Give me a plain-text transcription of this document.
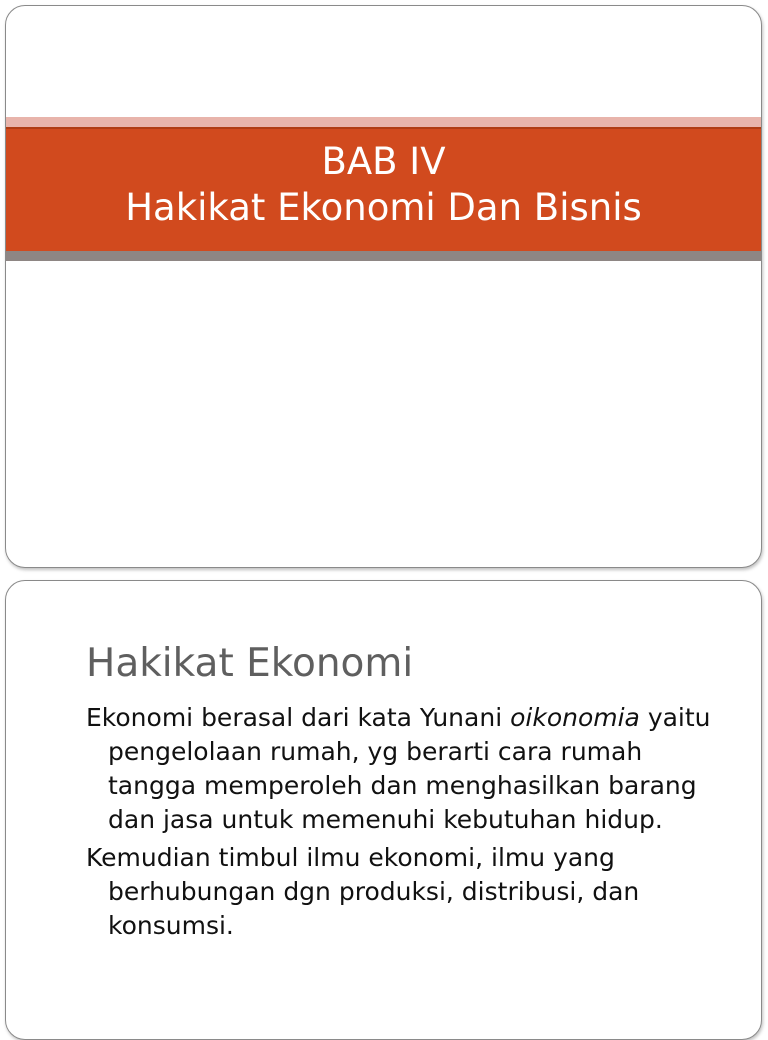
BAB IV
Hakikat Ekonomi Dan Bisnis
Hakikat Ekonomi

Ekonomi berasal dari kata Yunani oikonomia yaitu pengelolaan rumah, yg berarti cara rumah tangga memperoleh dan menghasilkan barang dan jasa untuk memenuhi kebutuhan hidup.

Kemudian timbul ilmu ekonomi, ilmu yang berhubungan dgn produksi, distribusi, dan konsumsi.
